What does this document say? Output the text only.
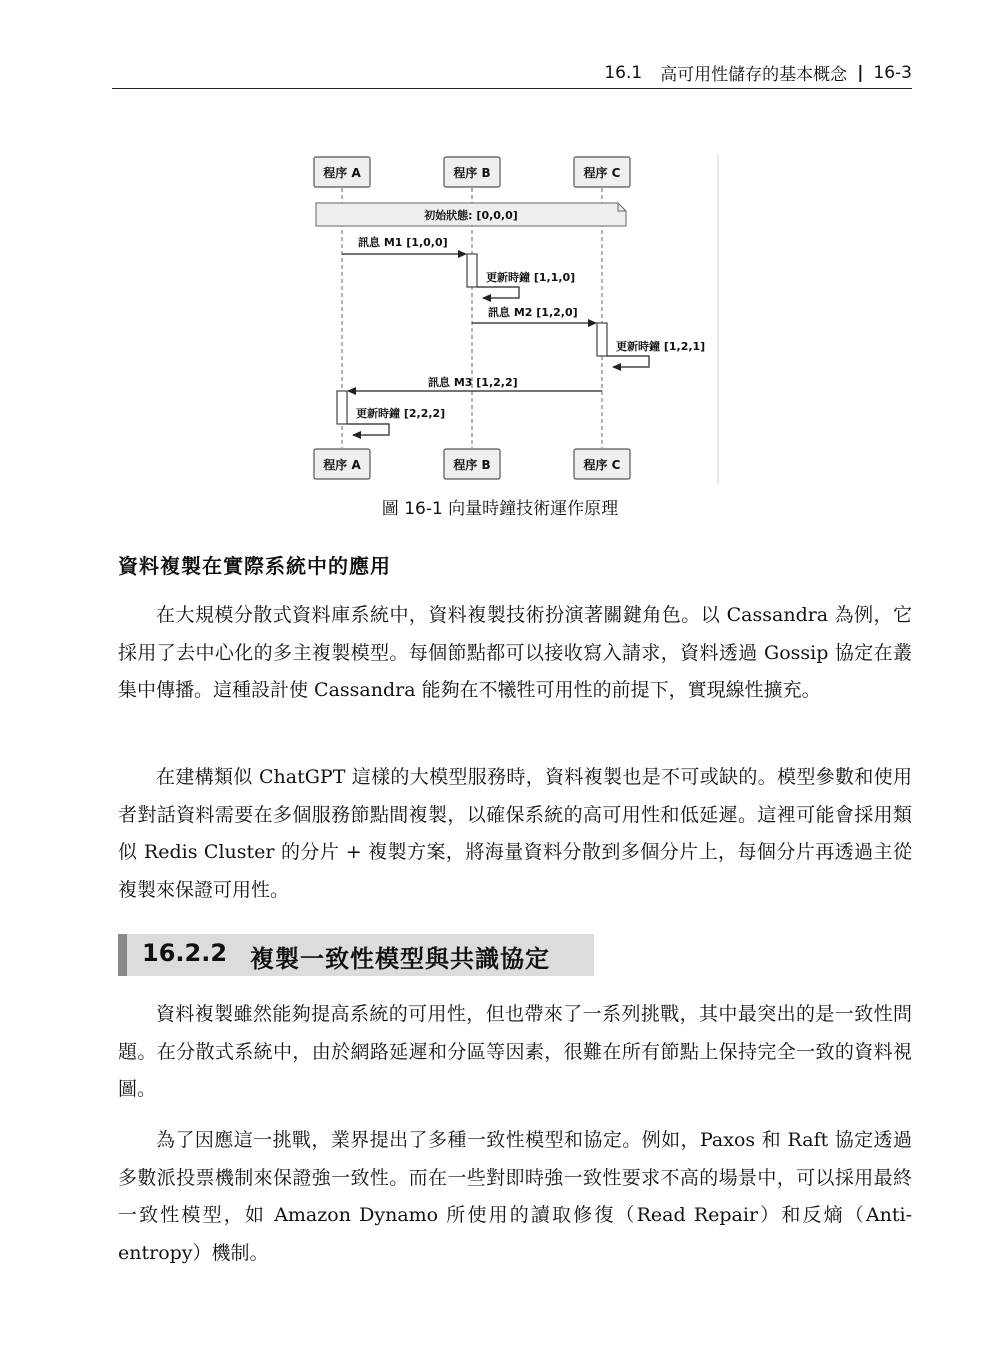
16.1 高可用性儲存的基本概念 | 16-3
程序 A	程序 B	程序 C
初始狀態: [0,0,0]
訊息 M1 [1,0,0]
更新時鐘 [1,1,0]
訊息 M2 [1,2,0]
更新時鐘 [1,2,1]
訊息 M3 [1,2,2]
更新時鐘 [2,2,2]
程序 A	程序 B	程序 C
圖 16-1 向量時鐘技術運作原理
資料複製在實際系統中的應用

在大規模分散式資料庫系統中，資料複製技術扮演著關鍵角色。以 Cassandra 為例，它採用了去中心化的多主複製模型。每個節點都可以接收寫入請求，資料透過 Gossip 協定在叢集中傳播。這種設計使 Cassandra 能夠在不犧牲可用性的前提下，實現線性擴充。

在建構類似 ChatGPT 這樣的大模型服務時，資料複製也是不可或缺的。模型參數和使用者對話資料需要在多個服務節點間複製，以確保系統的高可用性和低延遲。這裡可能會採用類似 Redis Cluster 的分片 + 複製方案，將海量資料分散到多個分片上，每個分片再透過主從複製來保證可用性。

16.2.2 複製一致性模型與共識協定

資料複製雖然能夠提高系統的可用性，但也帶來了一系列挑戰，其中最突出的是一致性問題。在分散式系統中，由於網路延遲和分區等因素，很難在所有節點上保持完全一致的資料視圖。

為了因應這一挑戰，業界提出了多種一致性模型和協定。例如，Paxos 和 Raft 協定透過多數派投票機制來保證強一致性。而在一些對即時強一致性要求不高的場景中，可以採用最終一致性模型，如 Amazon Dynamo 所使用的讀取修復（Read Repair）和反熵（Anti-entropy）機制。
